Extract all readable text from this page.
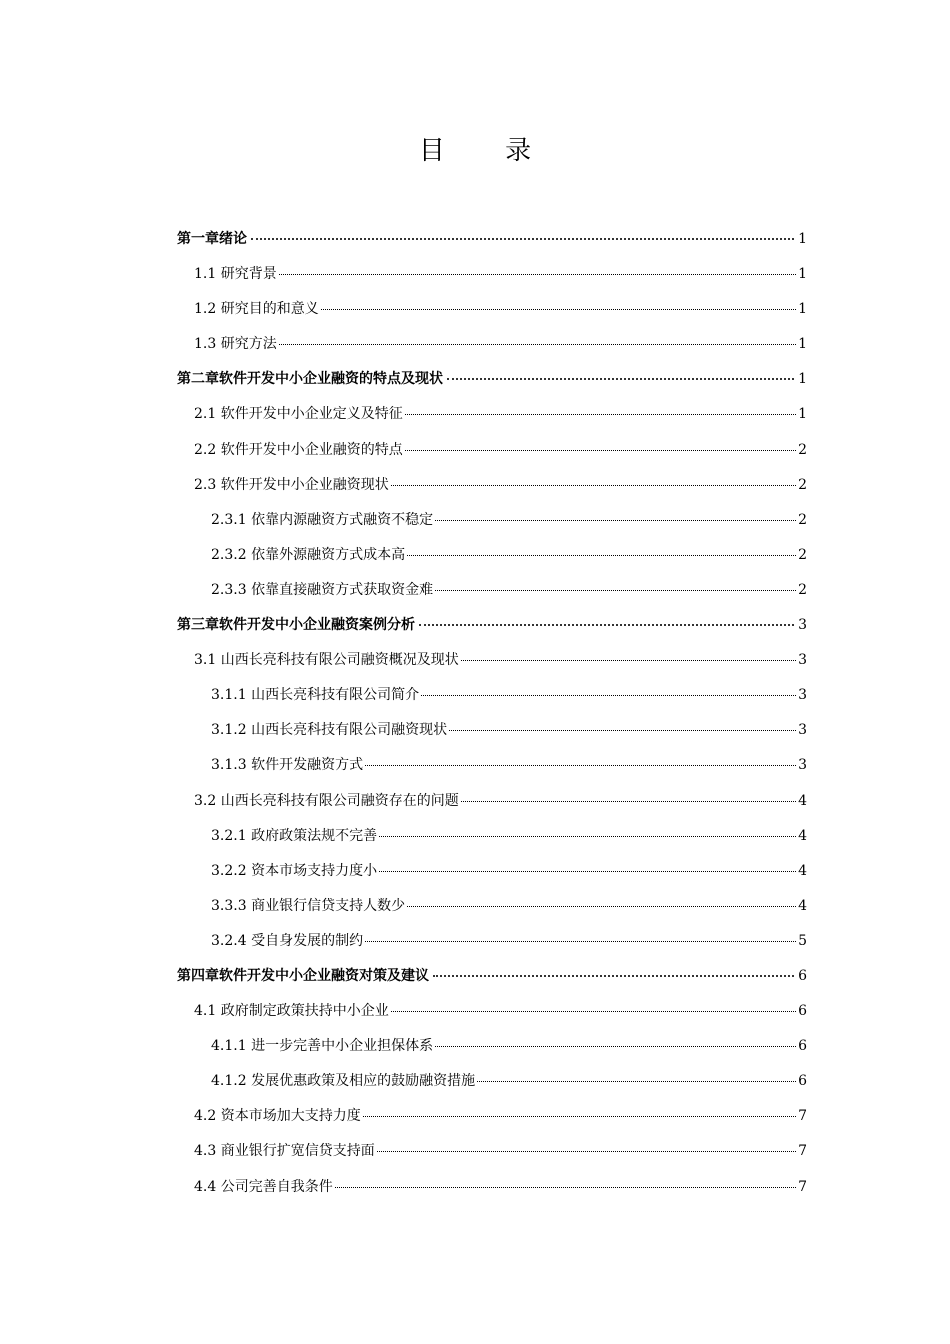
目 录
第一章绪论	1
1.1 研究背景	1
1.2 研究目的和意义	1
1.3 研究方法	1
第二章软件开发中小企业融资的特点及现状	1
2.1 软件开发中小企业定义及特征	1
2.2 软件开发中小企业融资的特点	2
2.3 软件开发中小企业融资现状	2
2.3.1 依靠内源融资方式融资不稳定	2
2.3.2 依靠外源融资方式成本高	2
2.3.3 依靠直接融资方式获取资金难	2
第三章软件开发中小企业融资案例分析	3
3.1 山西长亮科技有限公司融资概况及现状	3
3.1.1 山西长亮科技有限公司简介	3
3.1.2 山西长亮科技有限公司融资现状	3
3.1.3 软件开发融资方式	3
3.2 山西长亮科技有限公司融资存在的问题	4
3.2.1 政府政策法规不完善	4
3.2.2 资本市场支持力度小	4
3.3.3 商业银行信贷支持人数少	4
3.2.4 受自身发展的制约	5
第四章软件开发中小企业融资对策及建议	6
4.1 政府制定政策扶持中小企业	6
4.1.1 进一步完善中小企业担保体系	6
4.1.2 发展优惠政策及相应的鼓励融资措施	6
4.2 资本市场加大支持力度	7
4.3 商业银行扩宽信贷支持面	7
4.4 公司完善自我条件	7
